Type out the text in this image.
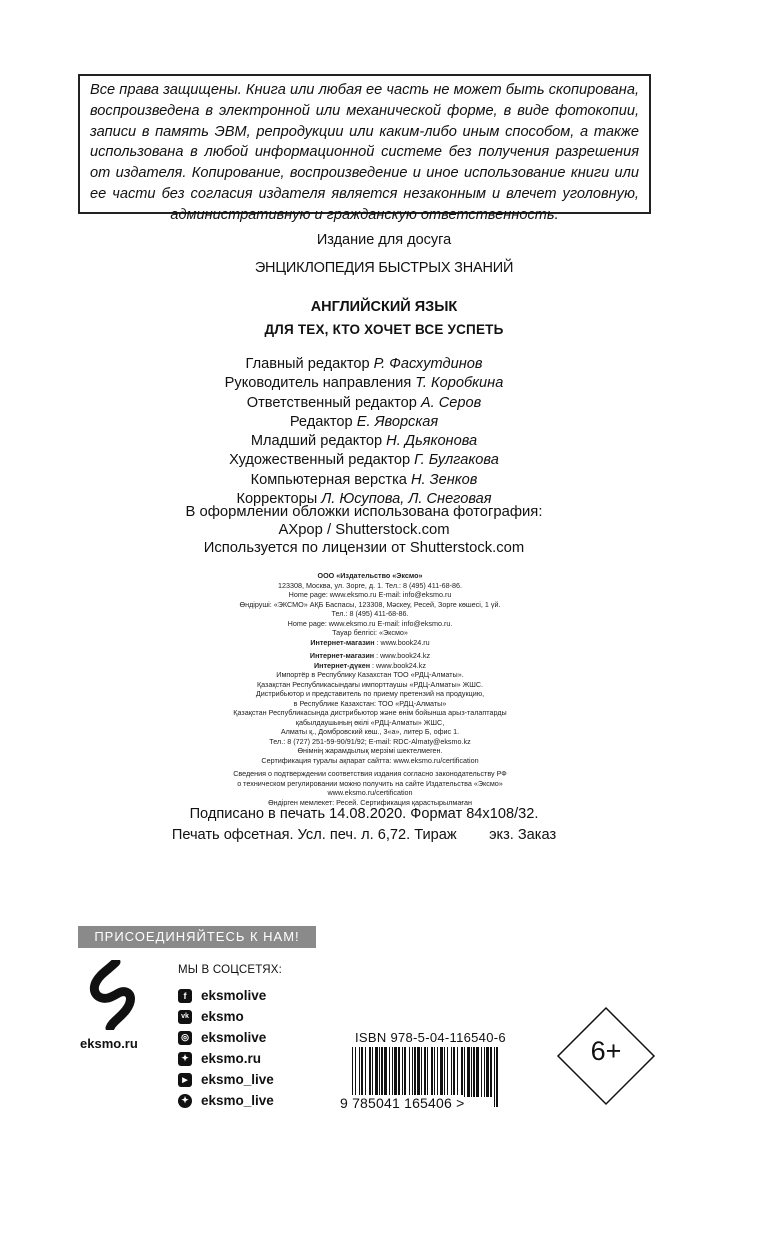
Все права защищены. Книга или любая ее часть не может быть скопирована, воспроизведена в электронной или механической форме, в виде фотокопии, записи в память ЭВМ, репродукции или каким-либо иным способом, а также использована в любой информационной системе без получения разрешения от издателя. Копирование, воспроизведение и иное использование книги или ее части без согласия издателя является незаконным и влечет уголовную, административную и гражданскую ответственность.

Издание для досуга
ЭНЦИКЛОПЕДИЯ БЫСТРЫХ ЗНАНИЙ
АНГЛИЙСКИЙ ЯЗЫК
ДЛЯ ТЕХ, КТО ХОЧЕТ ВСЕ УСПЕТЬ
Главный редактор Р. Фасхутдинов
Руководитель направления Т. Коробкина
Ответственный редактор А. Серов
Редактор Е. Яворская
Младший редактор Н. Дьяконова
Художественный редактор Г. Булгакова
Компьютерная верстка Н. Зенков
Корректоры Л. Юсупова, Л. Снеговая
В оформлении обложки использована фотография:
AXpop / Shutterstock.com
Используется по лицензии от Shutterstock.com
ООО «Издательство «Эксмо»
123308, Москва, ул. Зорге, д. 1. Тел.: 8 (495) 411-68-86.
Home page: www.eksmo.ru E-mail: info@eksmo.ru
Өндіруші: «ЭКСМО» АҚБ Баспасы, 123308, Мәскеу, Ресей, Зорге көшесі, 1 үй.
Тел.: 8 (495) 411-68-86.
Home page: www.eksmo.ru E-mail: info@eksmo.ru.
Тауар белгісі: «Эксмо»
Интернет-магазин : www.book24.ru
Интернет-магазин : www.book24.kz
Интернет-дүкен : www.book24.kz
Импортёр в Республику Казахстан ТОО «РДЦ-Алматы».
Қазақстан Республикасындағы импорттаушы «РДЦ-Алматы» ЖШС.
Дистрибьютор и представитель по приему претензий на продукцию,
в Республике Казахстан: ТОО «РДЦ-Алматы»
Қазақстан Республикасында дистрибьютор және өнім бойынша арыз-талаптарды
қабылдаушының өкілі «РДЦ-Алматы» ЖШС,
Алматы қ., Домбровский көш., 3«а», литер Б, офис 1.
Тел.: 8 (727) 251-59-90/91/92; E-mail: RDC-Almaty@eksmo.kz
Өнімнің жарамдылық мерзімі шектелмеген.
Сертификация туралы ақпарат сайтта: www.eksmo.ru/certification
Сведения о подтверждении соответствия издания согласно законодательству РФ
о техническом регулировании можно получить на сайте Издательства «Эксмо»
www.eksmo.ru/certification
Өндірген мемлекет: Ресей. Сертификация қарастырылмаған
Подписано в печать 14.08.2020. Формат 84x108/32.
Печать офсетная. Усл. печ. л. 6,72. Тираж        экз. Заказ
ПРИСОЕДИНЯЙТЕСЬ К НАМ!
eksmo.ru
МЫ В СОЦСЕТЯХ:
f	eksmolive
vk eksmo
◎ eksmolive
✦ eksmo.ru
▶ eksmo_live
✦ eksmo_live
ISBN 978-5-04-116540-6
9 785041 165406 >
6+
